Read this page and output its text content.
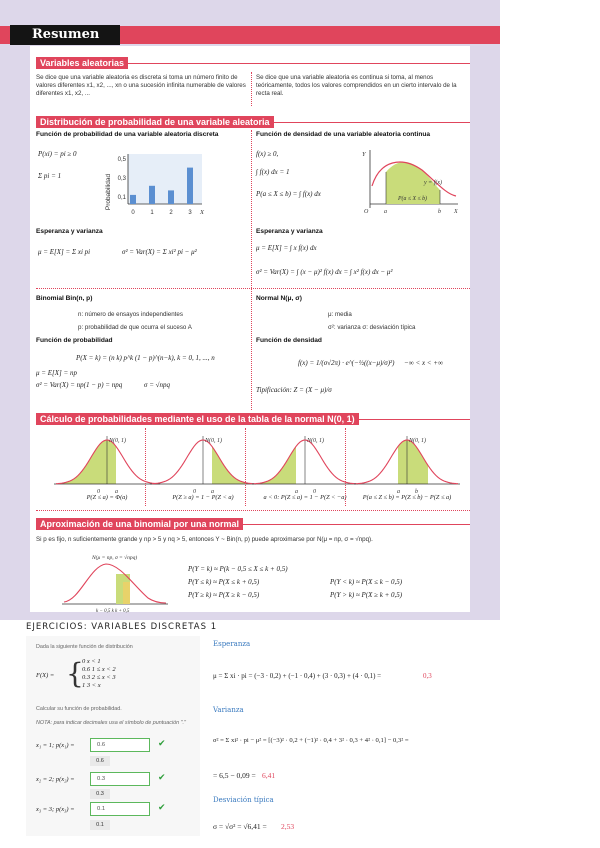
Resumen
Variables aleatorias
Se dice que una variable aleatoria es discreta si toma un número finito de valores diferentes x1, x2, ..., xn o una sucesión infinita numerable de valores diferentes x1, x2, ...
Se dice que una variable aleatoria es continua si toma, al menos teóricamente, todos los valores comprendidos en un cierto intervalo de la recta real.
Distribución de probabilidad de una variable aleatoria
Función de probabilidad de una variable aleatoria discreta	Función de densidad de una variable aleatoria continua
P(xi) = pi ≥ 0
Σ pi = 1	Probabilidad
0,5
0,3
0,1
0	1	2	3 X
f(x) ≥ 0,
∫ f(x) dx = 1
P(a ≤ X ≤ b) = ∫ f(x) dx
Y
y = f(x)
P(a ≤ X ≤ b)
O	a	b X
Esperanza y varianza	Esperanza y varianza
μ = E[X] = Σ xi pi	σ² = Var(X) = Σ xi² pi − μ²	μ = E[X] = ∫ x f(x) dx
σ² = Var(X) = ∫ (x − μ)² f(x) dx = ∫ x² f(x) dx − μ²
Binomial Bin(n, p)
n: número de ensayos independientes
p: probabilidad de que ocurra el suceso A
Función de probabilidad
P(X = k) = (n k) p^k (1 − p)^(n−k), k = 0, 1, ..., n
μ = E[X] = np
σ² = Var(X) = np(1 − p) = npq	σ = √npq
Normal N(μ, σ)
μ: media
σ²: varianza σ: desviación típica
Función de densidad
f(x) = 1/(σ√2π) · e^(−½((x−μ)/σ)²) −∞ < x < +∞
Tipificación: Z = (X − μ)/σ
Cálculo de probabilidades mediante el uso de la tabla de la normal N(0, 1)
N(0, 1)
0	a
P(Z ≤ a) = Φ(a)
N(0, 1)
0	a
P(Z ≥ a) = 1 − P(Z < a)
N(0, 1)
a	0
a < 0: P(Z ≤ a) = 1 − P(Z < −a)
N(0, 1)
a	b
P(a ≤ Z ≤ b) = P(Z ≤ b) − P(Z ≤ a)
Aproximación de una binomial por una normal
Si p es fijo, n suficientemente grande y np > 5 y nq > 5, entonces Y ~ Bin(n, p) puede aproximarse por N(μ = np, σ = √npq).
N(μ = np, σ = √npq)
k − 0,5 k k + 0,5
P(Y = k) ≈ P(k − 0,5 ≤ X ≤ k + 0,5)
P(Y ≤ k) ≈ P(X ≤ k + 0,5)
P(Y ≥ k) ≈ P(X ≥ k − 0,5)
P(Y < k) ≈ P(X ≤ k − 0,5)
P(Y > k) ≈ P(X ≥ k + 0,5)
EJERCICIOS: VARIABLES DISCRETAS 1
Dada la siguiente función de distribución
F(X) = {
0 x < 1
0.6 1 ≤ x < 2
0.3 2 ≤ x < 3
1 3 < x
Calcular su función de probabilidad.
NOTA: para indicar decimales usa el símbolo de puntuación "."
x₁ = 1; p(x₁) =
0.6	✔
0.6
x₂ = 2; p(x₂) =
0.3	✔
0.3
x₃ = 3; p(x₃) =
0.1	✔
0.1
Esperanza
μ = Σ xi · pi = (−3 · 0,2) + (−1 · 0,4) + (3 · 0,3) + (4 · 0,1) =	0,3
Varianza
σ² = Σ xi² · pi − μ² = [(−3)² · 0,2 + (−1)² · 0,4 + 3² · 0,3 + 4² · 0,1] − 0,3² =
= 6,5 − 0,09 = 6,41
Desviación típica
σ = √σ² = √6,41 = 2,53
